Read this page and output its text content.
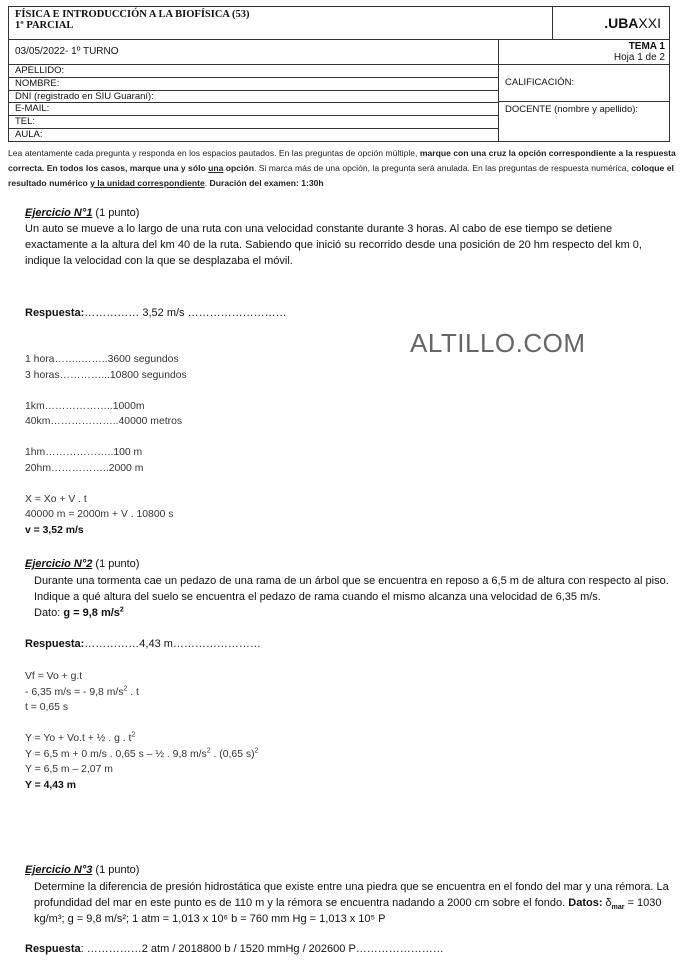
FÍSICA E INTRODUCCIÓN A LA BIOFÍSICA (53)
1º PARCIAL	.UBA XXI
03/05/2022- 1º TURNO	TEMA 1
Hoja 1 de 2
APELLIDO:
NOMBRE:
DNI (registrado en SIU Guaraní):
E-MAIL:
TEL:
AULA:
CALIFICACIÓN:
DOCENTE (nombre y apellido):
Lea atentamente cada pregunta y responda en los espacios pautados. En las preguntas de opción múltiple, marque con una cruz la opción correspondiente a la respuesta correcta. En todos los casos, marque una y sólo una opción. Si marca más de una opción, la pregunta será anulada. En las preguntas de respuesta numérica, coloque el resultado numérico y la unidad correspondiente. Duración del examen: 1:30h
ALTILLO.COM
Ejercicio N°1 (1 punto)
Un auto se mueve a lo largo de una ruta con una velocidad constante durante 3 horas. Al cabo de ese tiempo se detiene exactamente a la altura del km 40 de la ruta. Sabiendo que inició su recorrido desde una posición de 20 hm respecto del km 0, indique la velocidad con la que se desplazaba el móvil.
Respuesta:…………… 3,52 m/s ………………………
1 hora……..……..3600 segundos
3 horas…………...10800 segundos
1km………………..1000m
40km………………..40000 metros
1hm………………..100 m
20hm……………..2000 m
X = Xo + V . t
40000 m = 2000m + V . 10800 s
v = 3,52 m/s
Ejercicio N°2 (1 punto)
Durante una tormenta cae un pedazo de una rama de un árbol que se encuentra en reposo a 6,5 m de altura con respecto al piso. Indique a qué altura del suelo se encuentra el pedazo de rama cuando el mismo alcanza una velocidad de 6,35 m/s.
Dato: g = 9,8 $m/s^2$
Respuesta:……………4,43 m……………………
Vf = Vo + g.t
- 6,35 m/s = - 9,8 $m/s^2$ . t
t = 0,65 s
Y = Yo + Vo.t + ½ . g . $t^2$
Y = 6,5 m + 0 m/s . 0,65 s – ½ . 9,8 $m/s^2$ . (0,65 s)$^2$
Y = 6,5 m – 2,07 m
Y = 4,43 m
Ejercicio N°3 (1 punto)
Determine la diferencia de presión hidrostática que existe entre una piedra que se encuentra en el fondo del mar y una rémora. La profundidad del mar en este punto es de 110 m y la rémora se encuentra nadando a 2000 cm sobre el fondo. Datos: $\delta_{mar} = 1030$ kg/m³; g = 9,8 m/s²; 1 atm = 1,013 x 10⁶ b = 760 mm Hg = 1,013 x 10⁵ P
Respuesta: ……………2 atm / 2018800 b / 1520 mmHg / 202600 P……………………
